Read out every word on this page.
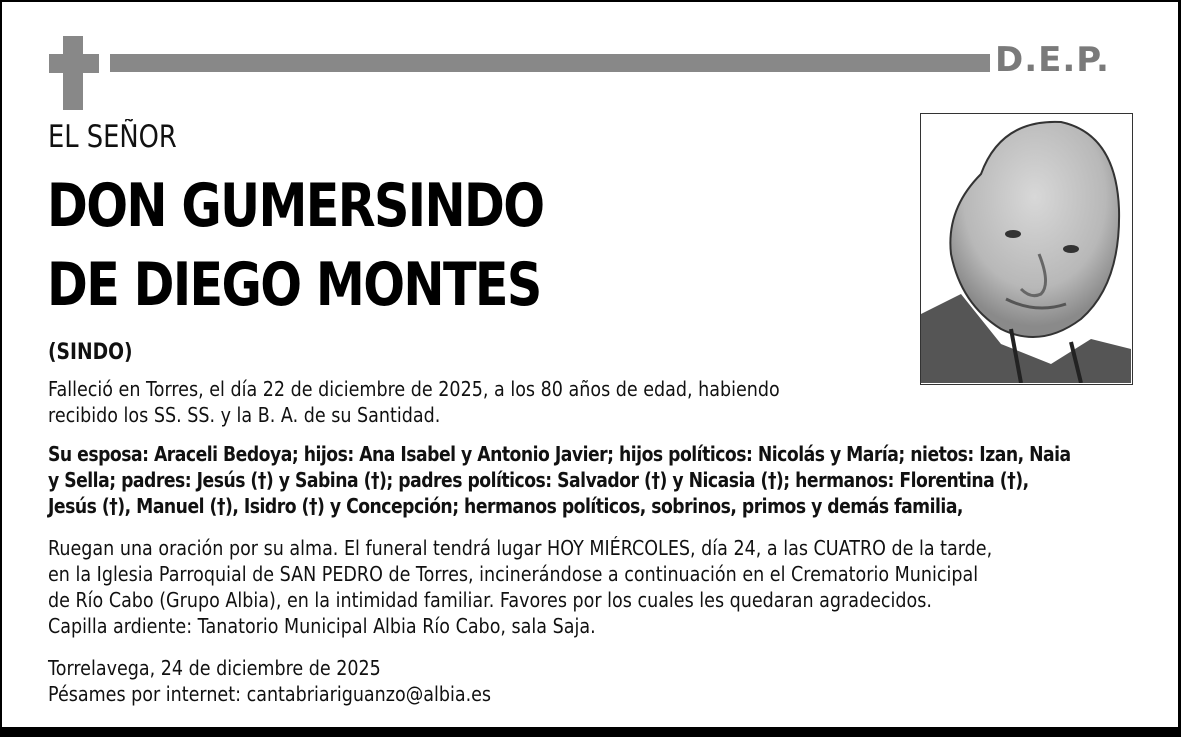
D.E.P.
EL SEÑOR
DON GUMERSINDO
DE DIEGO MONTES
(SINDO)
Falleció en Torres, el día 22 de diciembre de 2025, a los 80 años de edad, habiendo
recibido los SS. SS. y la B. A. de su Santidad.
Su esposa: Araceli Bedoya; hijos: Ana Isabel y Antonio Javier; hijos políticos: Nicolás y María; nietos: Izan, Naia
y Sella; padres: Jesús (†) y Sabina (†); padres políticos: Salvador (†) y Nicasia (†); hermanos: Florentina (†),
Jesús (†), Manuel (†), Isidro (†) y Concepción; hermanos políticos, sobrinos, primos y demás familia,
Ruegan una oración por su alma. El funeral tendrá lugar HOY MIÉRCOLES, día 24, a las CUATRO de la tarde,
en la Iglesia Parroquial de SAN PEDRO de Torres, incinerándose a continuación en el Crematorio Municipal
de Río Cabo (Grupo Albia), en la intimidad familiar. Favores por los cuales les quedaran agradecidos.
Capilla ardiente: Tanatorio Municipal Albia Río Cabo, sala Saja.
Torrelavega, 24 de diciembre de 2025
Pésames por internet: cantabriariguanzo@albia.es
